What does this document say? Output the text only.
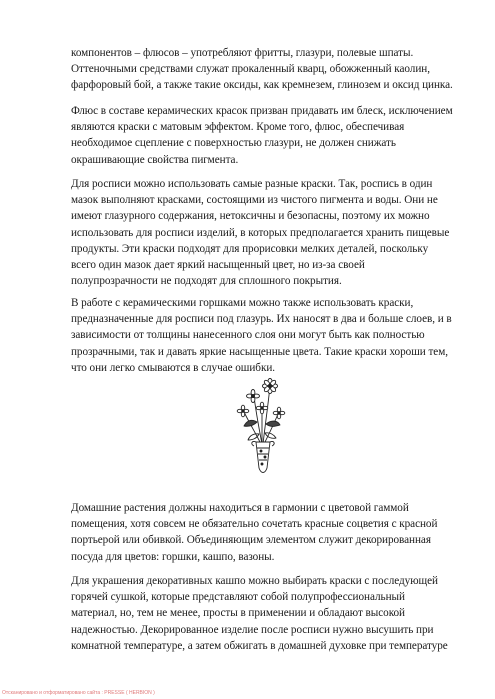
компонентов – флюсов – употребляют фритты, глазури, полевые шпаты.
Оттеночными средствами служат прокаленный кварц, обожженный каолин,
фарфоровый бой, а также такие оксиды, как кремнезем, глинозем и оксид цинка.

Флюс в составе керамических красок призван придавать им блеск, исключением
являются краски с матовым эффектом. Кроме того, флюс, обеспечивая
необходимое сцепление с поверхностью глазури, не должен снижать
окрашивающие свойства пигмента.

Для росписи можно использовать самые разные краски. Так, роспись в один
мазок выполняют красками, состоящими из чистого пигмента и воды. Они не
имеют глазурного содержания, нетоксичны и безопасны, поэтому их можно
использовать для росписи изделий, в которых предполагается хранить пищевые
продукты. Эти краски подходят для прорисовки мелких деталей, поскольку
всего один мазок дает яркий насыщенный цвет, но из-за своей
полупрозрачности не подходят для сплошного покрытия.

В работе с керамическими горшками можно также использовать краски,
предназначенные для росписи под глазурь. Их наносят в два и больше слоев, и в
зависимости от толщины нанесенного слоя они могут быть как полностью
прозрачными, так и давать яркие насыщенные цвета. Такие краски хороши тем,
что они легко смываются в случае ошибки.

Домашние растения должны находиться в гармонии с цветовой гаммой
помещения, хотя совсем не обязательно сочетать красные соцветия с красной
портьерой или обивкой. Объединяющим элементом служит декорированная
посуда для цветов: горшки, кашпо, вазоны.

Для украшения декоративных кашпо можно выбирать краски с последующей
горячей сушкой, которые представляют собой полупрофессиональный
материал, но, тем не менее, просты в применении и обладают высокой
надежностью. Декорированное изделие после росписи нужно высушить при
комнатной температуре, а затем обжигать в домашней духовке при температуре

Отсканировано и отформатировано сайта : PRESSE ( HERBION )
